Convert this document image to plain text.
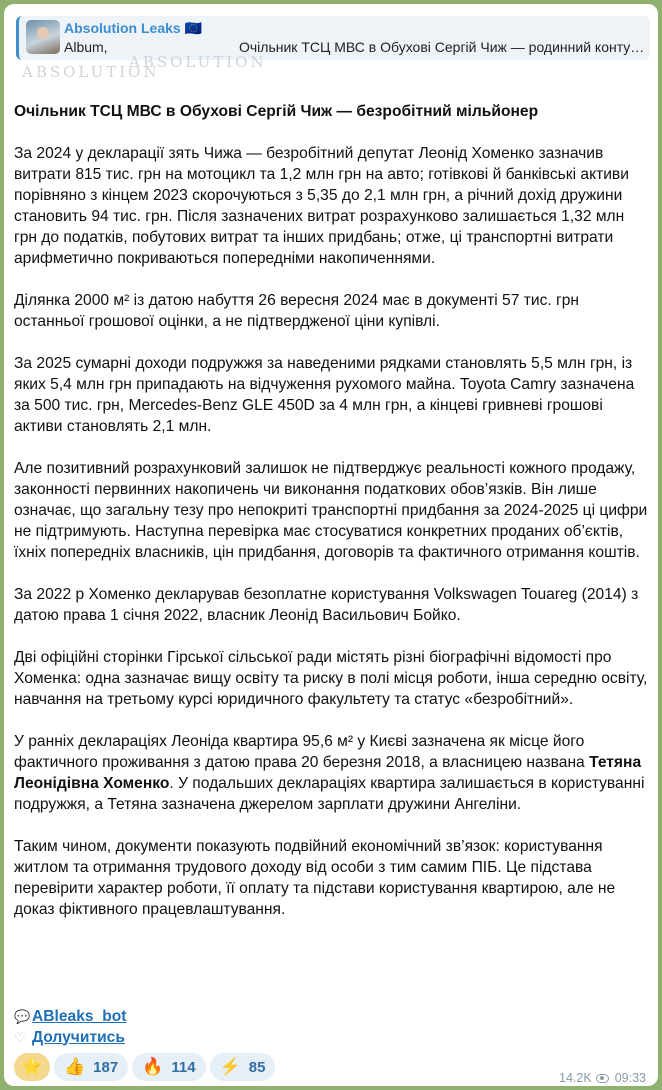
Absolution Leaks 🇪🇺
Album,	Очільник ТСЦ МВС в Обухові Сергій Чиж — родинний конту…
ABSOLUTION
ABSOLUTION

Очільник ТСЦ МВС в Обухові Сергій Чиж — безробітний мільйонер

За 2024 у декларації зять Чижа — безробітний депутат Леонід Хоменко зазначив витрати 815 тис. грн на мотоцикл та 1,2 млн грн на авто; готівкові й банківські активи порівняно з кінцем 2023 скорочуються з 5,35 до 2,1 млн грн, а річний дохід дружини становить 94 тис. грн. Після зазначених витрат розрахунково залишається 1,32 млн грн до податків, побутових витрат та інших придбань; отже, ці транспортні витрати арифметично покриваються попередніми накопиченнями.

Ділянка 2000 м² із датою набуття 26 вересня 2024 має в документі 57 тис. грн останньої грошової оцінки, а не підтвердженої ціни купівлі.

За 2025 сумарні доходи подружжя за наведеними рядками становлять 5,5 млн грн, із яких 5,4 млн грн припадають на відчуження рухомого майна. Toyota Camry зазначена за 500 тис. грн, Mercedes-Benz GLE 450D за 4 млн грн, а кінцеві гривневі грошові активи становлять 2,1 млн.

Але позитивний розрахунковий залишок не підтверджує реальності кожного продажу, законності первинних накопичень чи виконання податкових обов’язків. Він лише означає, що загальну тезу про непокриті транспортні придбання за 2024-2025 ці цифри не підтримують. Наступна перевірка має стосуватися конкретних проданих об’єктів, їхніх попередніх власників, цін придбання, договорів та фактичного отримання коштів.

За 2022 р Хоменко декларував безоплатне користування Volkswagen Touareg (2014) з датою права 1 січня 2022, власник Леонід Васильович Бойко.

Дві офіційні сторінки Гірської сільської ради містять різні біографічні відомості про Хоменка: одна зазначає вищу освіту та риску в полі місця роботи, інша середню освіту, навчання на третьому курсі юридичного факультету та статус «безробітний».

У ранніх деклараціях Леоніда квартира 95,6 м² у Києві зазначена як місце його фактичного проживання з датою права 20 березня 2018, а власницею названа Тетяна Леонідівна Хоменко. У подальших деклараціях квартира залишається в користуванні подружжя, а Тетяна зазначена джерелом зарплати дружини Ангеліни.

Таким чином, документи показують подвійний економічний зв’язок: користування житлом та отримання трудового доходу від особи з тим самим ПІБ. Це підстава перевірити характер роботи, її оплату та підстави користування квартирою, але не доказ фіктивного працевлаштування.

💬 ABleaks_bot
♡ Долучитись
⭐ 👍 187 🔥 114 ⚡ 85
14.2K 09:33
